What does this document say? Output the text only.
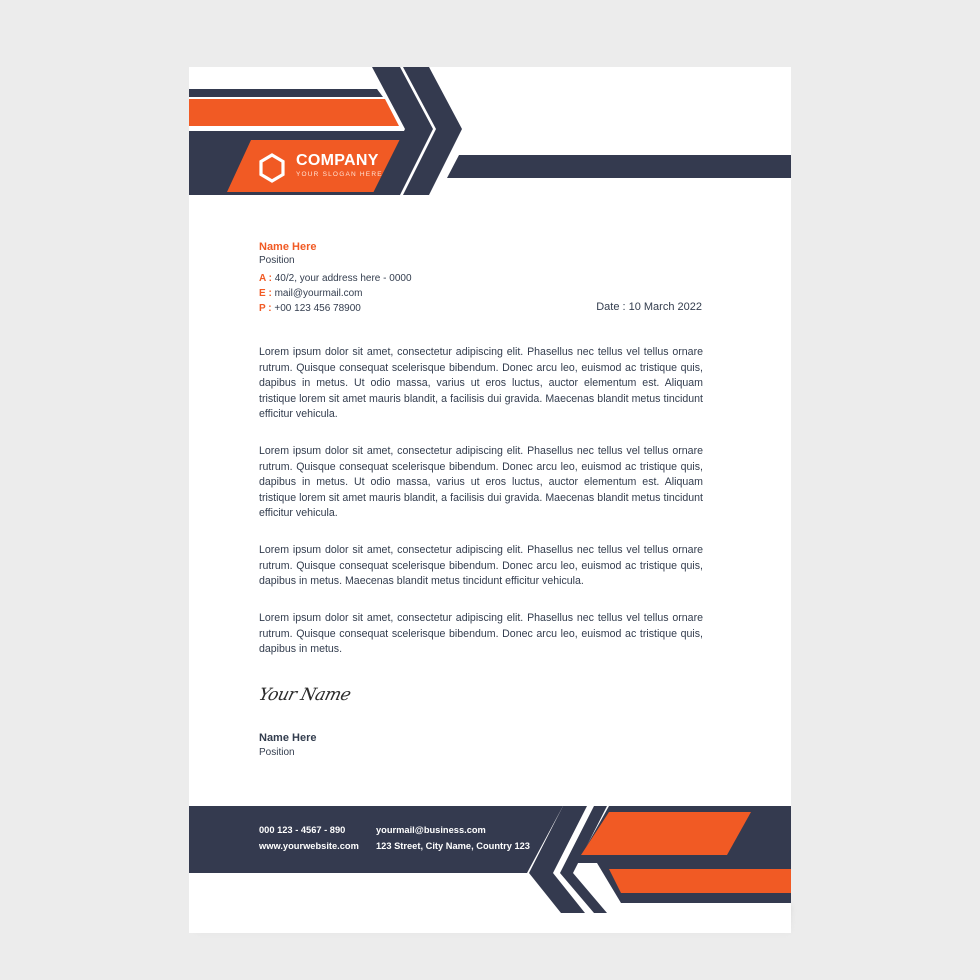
COMPANY
YOUR SLOGAN HERE
Name Here
Position
A : 40/2, your address here - 0000
E : mail@yourmail.com
P : +00 123 456 78900	Date : 10 March 2022

Lorem ipsum dolor sit amet, consectetur adipiscing elit. Phasellus nec tellus vel tellus ornare rutrum. Quisque consequat scelerisque bibendum. Donec arcu leo, euismod ac tristique quis, dapibus in metus. Ut odio massa, varius ut eros luctus, auctor elementum est. Aliquam tristique lorem sit amet mauris blandit, a facilisis dui gravida. Maecenas blandit metus tincidunt efficitur vehicula.

Lorem ipsum dolor sit amet, consectetur adipiscing elit. Phasellus nec tellus vel tellus ornare rutrum. Quisque consequat scelerisque bibendum. Donec arcu leo, euismod ac tristique quis, dapibus in metus. Ut odio massa, varius ut eros luctus, auctor elementum est. Aliquam tristique lorem sit amet mauris blandit, a facilisis dui gravida. Maecenas blandit metus tincidunt efficitur vehicula.

Lorem ipsum dolor sit amet, consectetur adipiscing elit. Phasellus nec tellus vel tellus ornare rutrum. Quisque consequat scelerisque bibendum. Donec arcu leo, euismod ac tristique quis, dapibus in metus. Maecenas blandit metus tincidunt efficitur vehicula.

Lorem ipsum dolor sit amet, consectetur adipiscing elit. Phasellus nec tellus vel tellus ornare rutrum. Quisque consequat scelerisque bibendum. Donec arcu leo, euismod ac tristique quis, dapibus in metus.

Your Name
Name Here
Position
000 123 - 4567 - 890
www.yourwebsite.com
yourmail@business.com
123 Street, City Name, Country 123
